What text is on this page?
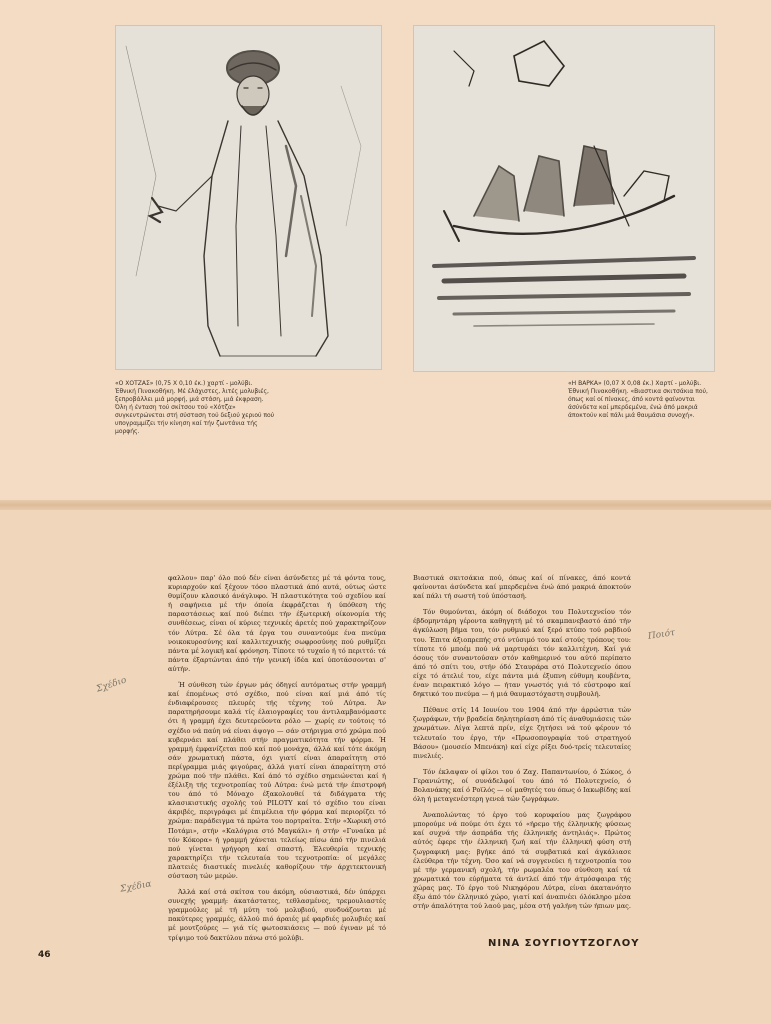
«Ο ΧΟΤΖΑΣ» (0,75 Χ 0,10 έκ.) χαρτί - μολύβι. Έθνική Πινακοθήκη. Μέ έλάχιστες, λιτές μολυβιές, ξεπροβάλλει μιά μορφή, μιά στάση, μιά έκφραση. Όλη ή ένταση τού σκίτσου τού «Χότζα» συγκεντρώνεται στή σύσταση τού δεξιού χεριού πού υπογραμμίζει τήν κίνηση καί τήν ζωντάνια τής μορφής.

«Η ΒΑΡΚΑ» (0,07 Χ 0,08 έκ.) Χαρτί - μολύβι. Έθνική Πινακοθήκη. «Βιαστικα σκιτσάκια πού, όπως καί οί πίνακες, άπό κοντά φαίνονται άσύνδετα καί μπερδεμένα, ένώ άπό μακριά άποκτούν καί πάλι μιά θαυμάσια συνοχή».

φαλλου» παρ' όλο πού δέν είναι άσύνδετες μέ τά φόντα τους, κυριαρχούν καί ξέχουν τόσο πλαστικά άπό αυτά, ούτως ώστε θυμίζουν κλασικό άνάγλυφο. Ή πλαστικότητα τού σχεδίου καί ή σαφήνεια μέ τήν όποία έκφράζεται ή ύπόθεση τής παραστάσεως καί πού διέπει τήν έξωτερική οίκονομία τής συνθέσεως, είναι οί κύριες τεχνικές άρετές πού χαρακτηρίζουν τόν Λύτρα. Σέ όλα τά έργα του συναντούμε ένα πνεύμα νοικοκυροσύνης καί καλλιτεχνικής σωφροσύνης πού ρυθμίζει πάντα μέ λογική καί φρόνηση. Τίποτε τό τυχαίο ή τό περιττό: τά πάντα έξαρτώνται άπό τήν γενική ίδέα καί ύποτάσσονται σ' αύτήν.

Ή σύνθεση τών έργων μάς όδηγεί αυτόματως στήν γραμμή καί έπομένως στό σχέδιο, πού είναι καί μιά άπό τίς ένδιαφέρουσες πλευρές τής τέχνης τού Λύτρα. Άν παρατηρήσουμε καλά τίς έλαιογραφίες του άντιλαμβανόμαστε ότι ή γραμμή έχει δευτερεύοντα ρόλο — χωρίς εν τούτοις τό σχέδιο νά παύη νά είναι άψογο — σάν στήριγμα στό χρώμα πού κυβερνάει καί πλάθει στήν πραγματικότητα τήν φόρμα. Ή γραμμή έμφανίζεται πού καί πού μονάχα, άλλά καί τότε άκόμη σάν χρωματική πάστα, όχι γιατί είναι άπαραίτητη στό περίγραμμα μιάς φιγούρας, άλλά γιατί είναι άπαραίτητη στό χρώμα πού τήν πλάθει. Καί άπό τό σχέδιο σημειώνεται καί ή έξέλιξη τής τεχνοτροπίας τού Λύτρα: ένώ μετά τήν έπιστροφή του άπό τό Μόναχο έξακολουθεί τά διδάγματα τής κλασικιστικής σχολής τού PILOTY καί τό σχέδιο του είναι άκριβές, περιγράφει μέ έπιμέλεια τήν φόρμα καί περιορίζει τό χρώμα: παράδειγμα τά πρώτα του πορτραίτα. Στήν «Χωρική στό Ποτάμι», στήν «Καλόγρια στό Μαγκάλι» ή στήν «Γυναίκα μέ τόν Κόκορα» ή γραμμή χάνεται τελείως πίσω άπό τήν πινελιά πού γίνεται γρήγορη καί σπαστή. Έλευθερία τεχνικής χαρακτηρίζει τήν τελευταία του τεχνοτροπία: οί μεγάλες πλατειές διαστικές πινελιές καθορίζουν τήν άρχιτεκτονική σύσταση τών μερών.

Άλλά καί στά σκίτσα του άκόμη, ούσιαστικά, δέν ύπάρχει συνεχής γραμμή: άκατάστατες, τεθλασμένες, τρεμουλιαστές γραμμούλες μέ τή μύτη τού μολυβιού, συνδυάζονται μέ πακύτερες γραμμές, άλλού πιό άραιές μέ φαρδιές μολυβιές καί μέ μουτζούρες — γιά τίς φωτοσκιάσεις — πού έγιναν μέ τό τρίψιμο τού δακτύλου πάνω στό μολύβι.

Βιαστικά σκιτσάκια πού, όπως καί οί πίνακες, άπό κοντά φαίνονται άσύνδετα καί μπερδεμένα ένώ άπό μακριά άποκτούν καί πάλι τή σωστή τού ύπόστασή.

Τόν θυμούνται, άκόμη οί διάδοχοι του Πολυτεχνείου τόν έβδομηντάρη γέροντα καθηγητή μέ τό σκαμπανεβαστό άπό τήν άγκύλωση βήμα του, τόν ρυθμικό καί ξερό κτύπο τού ραβδιού του. Έπιτα άξιοπρεπής στό ντύσιμό του καί στούς τρόπους του: τίποτε τό μποέμ πού νά μαρτυράει τόν καλλιτέχνη. Καί γιά όσους τόν συναντούσαν στόν καθημερινό του αύτό περίπατο άπό τό σπίτι του, στήν όδό Σταυράρα στό Πολυτεχνείο όπου είχε τό άτελιέ του, είχε πάντα μιά έξυπνη εύθυμη κουβέντα, έναν πειρακτικό λόγο — ήταν γνωστός γιά τό εύστροφο καί δηκτικό του πνεύμα — ή μιά θαυμαστόχαστη συμβουλή.

Πέθανε στίς 14 Ιουνίου του 1904 άπό τήν άρρώστια τών ζωγράφων, τήν βραδεία δηλητηρίαση άπό τίς άναθυμιάσεις τών χρωμάτων. Λίγα λεπτά πρίν, είχε ζητήσει νά τού φέρουν τό τελευταίο του έργο, τήν «Πρωσοπογραφία τού στρατηγού Βάσου» (μουσείο Μπενάκη) καί είχε ρίξει δυό-τρείς τελευταίες πινελιές.

Τόν έκλαψαν οί φίλοι του ό Ζαχ. Παπαντωνίου, ό Σώκος, ό Γερανιώτης, οί συνάδελφοί του άπό τό Πολυτεχνείο, ό Βολανάκης καί ό Ροϊλός — οί μαθητές του όπως ό Ιακωβίδης καί όλη ή μεταγενέστερη γενεά τών ζωγράφων.

Άναπολώντας τό έργο τού κορυφαίου μας ζωγράφου μπορούμε νά πούμε ότι έχει τό «ήρεμο τής έλληνικής φύσεως καί συχνά τήν άσπράδα τής έλληνικής άντηλιάς». Πρώτος αύτός έφερε τήν έλληνική ζωή καί τήν έλληνική φύση στή ζωγραφική μας: βγήκε άπό τά συμβατικά καί άγκάλιασε έλεύθερα τήν τέχνη. Όσο καί νά συγγενεύει ή τεχνοτροπία του μέ τήν γερμανική σχολή, τήν ρωμαλέα του σύνθεση καί τά χρωματικά του εύρήματα τά άντλεί άπό τήν άτμόσφαιρα τής χώρας μας. Τό έργο τού Νικηφόρου Λύτρα, είναι άκατανόητο έξω άπό τόν έλληνικό χώρο, γιατί καί άναπνέει όλόκληρο μέσα στήν άπαλότητα τού λαού μας, μέσα στή γαλήνη τών ήπιων μας.

Σχέδιο
Σχέδια
Ποιότ
46
ΝΙΝΑ ΣΟΥΓΙΟΥΤΖΟΓΛΟΥ
